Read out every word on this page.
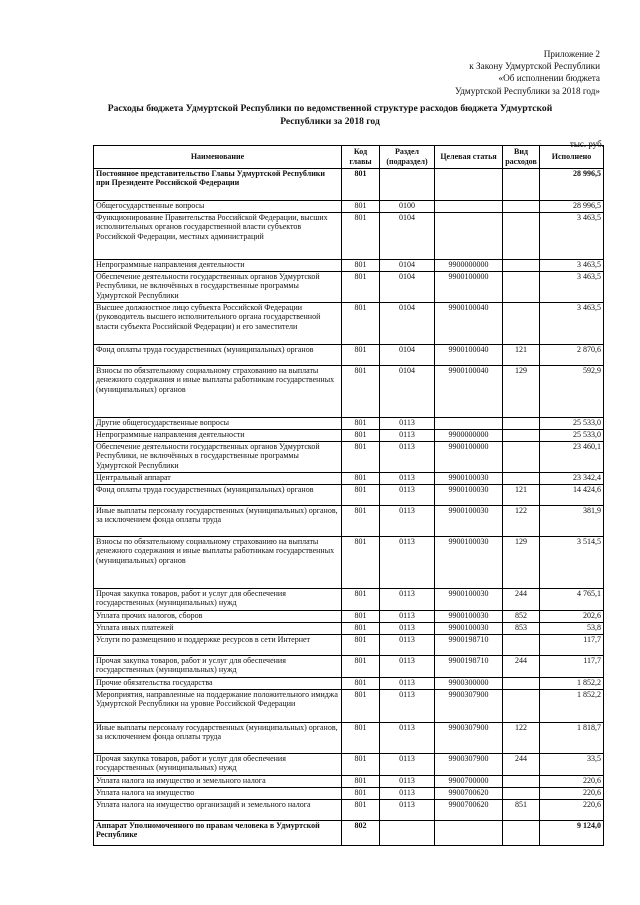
Приложение 2
к Закону Удмуртской Республики
«Об исполнении бюджета
Удмуртской Республики за 2018 год»
Расходы бюджета Удмуртской Республики по ведомственной структуре расходов бюджета Удмуртской
Республики за 2018 год
тыс. руб.
Наименование	Код главы	Раздел (подраздел)	Целевая статья	Вид расходов	Исполнено
Постоянное представительство Главы Удмуртской Республики при Президенте Российской Федерации	801				28 996,5
Общегосударственные вопросы	801	0100			28 996,5
Функционирование Правительства Российской Федерации, высших исполнительных органов государственной власти субъектов Российской Федерации, местных администраций	801	0104			3 463,5
Непрограммные направления деятельности	801	0104	9900000000		3 463,5
Обеспечение деятельности государственных органов Удмуртской Республики, не включённых в государственные программы Удмуртской Республики	801	0104	9900100000		3 463,5
Высшее должностное лицо субъекта Российской Федерации (руководитель высшего исполнительного органа государственной власти субъекта Российской Федерации) и его заместители	801	0104	9900100040		3 463,5
Фонд оплаты труда государственных (муниципальных) органов	801	0104	9900100040	121	2 870,6
Взносы по обязательному социальному страхованию на выплаты денежного содержания и иные выплаты работникам государственных (муниципальных) органов	801	0104	9900100040	129	592,9
Другие общегосударственные вопросы	801	0113			25 533,0
Непрограммные направления деятельности	801	0113	9900000000		25 533,0
Обеспечение деятельности государственных органов Удмуртской Республики, не включённых в государственные программы Удмуртской Республики	801	0113	9900100000		23 460,1
Центральный аппарат	801	0113	9900100030		23 342,4
Фонд оплаты труда государственных (муниципальных) органов	801	0113	9900100030	121	14 424,6
Иные выплаты персоналу государственных (муниципальных) органов, за исключением фонда оплаты труда	801	0113	9900100030	122	381,9
Взносы по обязательному социальному страхованию на выплаты денежного содержания и иные выплаты работникам государственных (муниципальных) органов	801	0113	9900100030	129	3 514,5
Прочая закупка товаров, работ и услуг для обеспечения государственных (муниципальных) нужд	801	0113	9900100030	244	4 765,1
Уплата прочих налогов, сборов	801	0113	9900100030	852	202,6
Уплата иных платежей	801	0113	9900100030	853	53,8
Услуги по размещению и поддержке ресурсов в сети Интернет	801	0113	9900198710		117,7
Прочая закупка товаров, работ и услуг для обеспечения государственных (муниципальных) нужд	801	0113	9900198710	244	117,7
Прочие обязательства государства	801	0113	9900300000		1 852,2
Мероприятия, направленные на поддержание положительного имиджа Удмуртской Республики на уровне Российской Федерации	801	0113	9900307900		1 852,2
Иные выплаты персоналу государственных (муниципальных) органов, за исключением фонда оплаты труда	801	0113	9900307900	122	1 818,7
Прочая закупка товаров, работ и услуг для обеспечения государственных (муниципальных) нужд	801	0113	9900307900	244	33,5
Уплата налога на имущество и земельного налога	801	0113	9900700000		220,6
Уплата налога на имущество	801	0113	9900700620		220,6
Уплата налога на имущество организаций и земельного налога	801	0113	9900700620	851	220,6
Аппарат Уполномоченного по правам человека в Удмуртской Республике	802				9 124,0
